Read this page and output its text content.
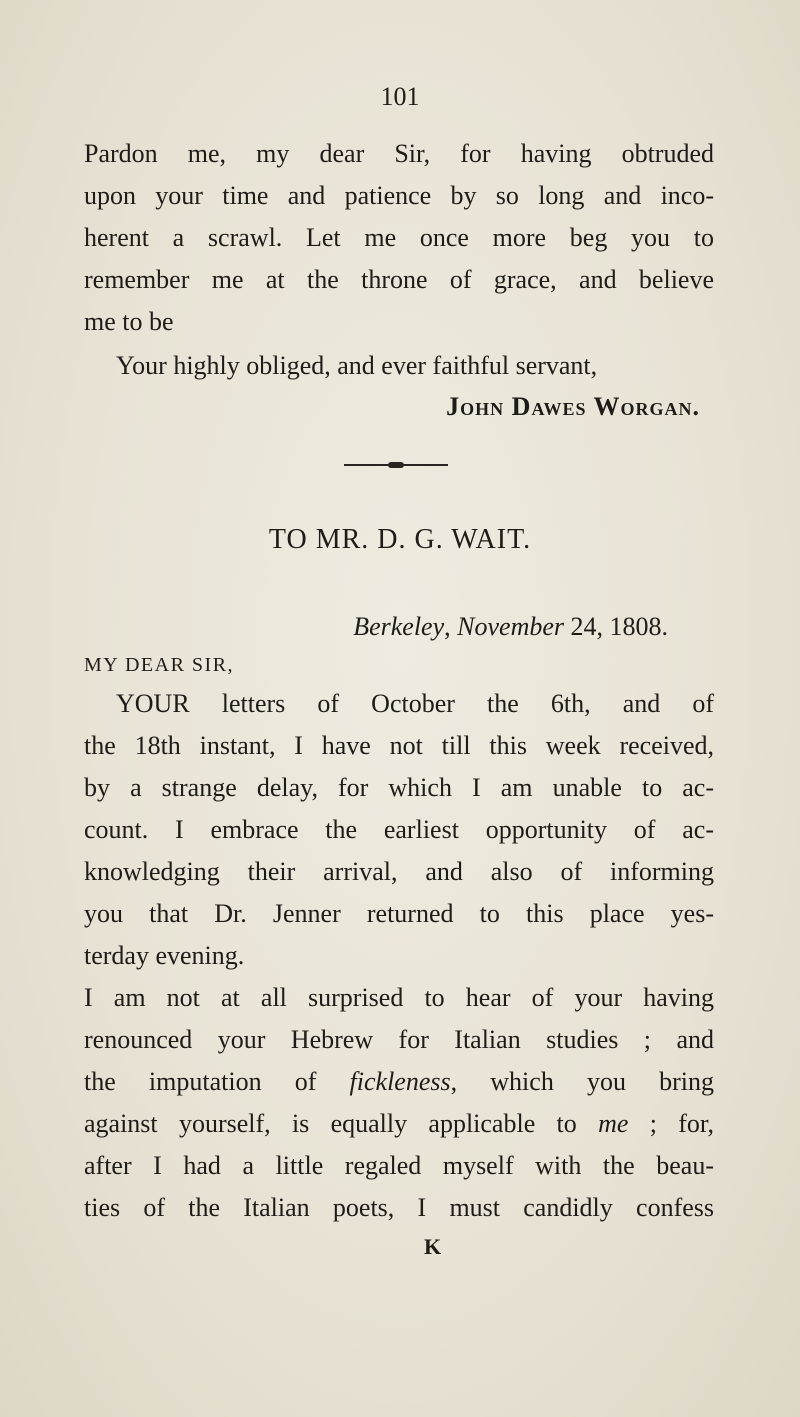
101
Pardon me, my dear Sir, for having obtruded
upon your time and patience by so long and inco-
herent a scrawl. Let me once more beg you to
remember me at the throne of grace, and believe
me to be
Your highly obliged, and ever faithful servant,
John Dawes Worgan.
TO MR. D. G. WAIT.
Berkeley, November 24, 1808.
MY DEAR SIR,
YOUR letters of October the 6th, and of
the 18th instant, I have not till this week received,
by a strange delay, for which I am unable to ac-
count. I embrace the earliest opportunity of ac-
knowledging their arrival, and also of informing
you that Dr. Jenner returned to this place yes-
terday evening.
I am not at all surprised to hear of your having
renounced your Hebrew for Italian studies ; and
the imputation of fickleness, which you bring
against yourself, is equally applicable to me ; for,
after I had a little regaled myself with the beau-
ties of the Italian poets, I must candidly confess
K
